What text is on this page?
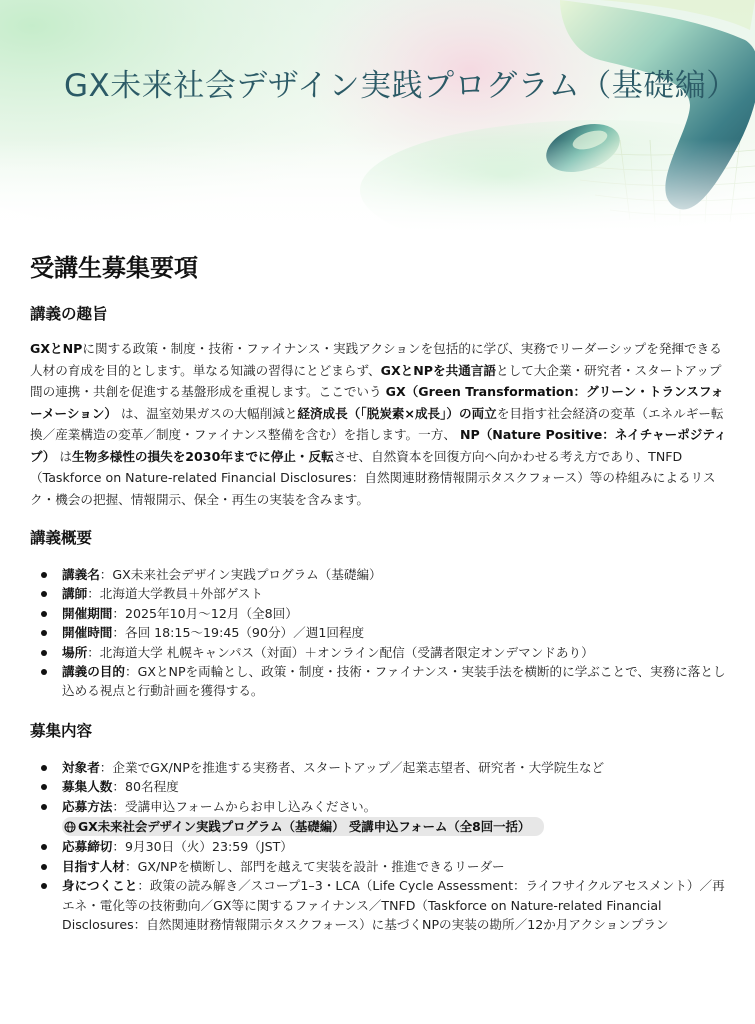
GX未来社会デザイン実践プログラム（基礎編）
受講生募集要項
講義の趣旨

GXとNPに関する政策・制度・技術・ファイナンス・実践アクションを包括的に学び、実務でリーダーシップを発揮できる人材の育成を目的とします。単なる知識の習得にとどまらず、GXとNPを共通言語として大企業・研究者・スタートアップ間の連携・共創を促進する基盤形成を重視します。ここでいう GX（Green Transformation：グリーン・トランスフォーメーション） は、温室効果ガスの大幅削減と経済成長（「脱炭素×成長」）の両立を目指す社会経済の変革（エネルギー転換／産業構造の変革／制度・ファイナンス整備を含む）を指します。一方、 NP（Nature Positive：ネイチャーポジティブ） は生物多様性の損失を2030年までに停止・反転させ、自然資本を回復方向へ向かわせる考え方であり、TNFD（Taskforce on Nature-related Financial Disclosures：自然関連財務情報開示タスクフォース）等の枠組みによるリスク・機会の把握、情報開示、保全・再生の実装を含みます。

講義概要
講義名：GX未来社会デザイン実践プログラム（基礎編）
講師：北海道大学教員＋外部ゲスト
開催期間：2025年10月〜12月（全8回）
開催時間：各回 18:15〜19:45（90分）／週1回程度
場所：北海道大学 札幌キャンパス（対面）＋オンライン配信（受講者限定オンデマンドあり）
講義の目的：GXとNPを両輪とし、政策・制度・技術・ファイナンス・実装手法を横断的に学ぶことで、実務に落とし込める視点と行動計画を獲得する。
募集内容
対象者：企業でGX/NPを推進する実務者、スタートアップ／起業志望者、研究者・大学院生など
募集人数：80名程度
応募方法：受講申込フォームからお申し込みください。
GX未来社会デザイン実践プログラム（基礎編） 受講申込フォーム（全8回一括）
応募締切：9月30日（火）23:59（JST）
目指す人材：GX/NPを横断し、部門を越えて実装を設計・推進できるリーダー
身につくこと：政策の読み解き／スコープ1–3・LCA（Life Cycle Assessment：ライフサイクルアセスメント）／再エネ・電化等の技術動向／GX等に関するファイナンス／TNFD（Taskforce on Nature-related Financial Disclosures：自然関連財務情報開示タスクフォース）に基づくNPの実装の勘所／12か月アクションプラン
